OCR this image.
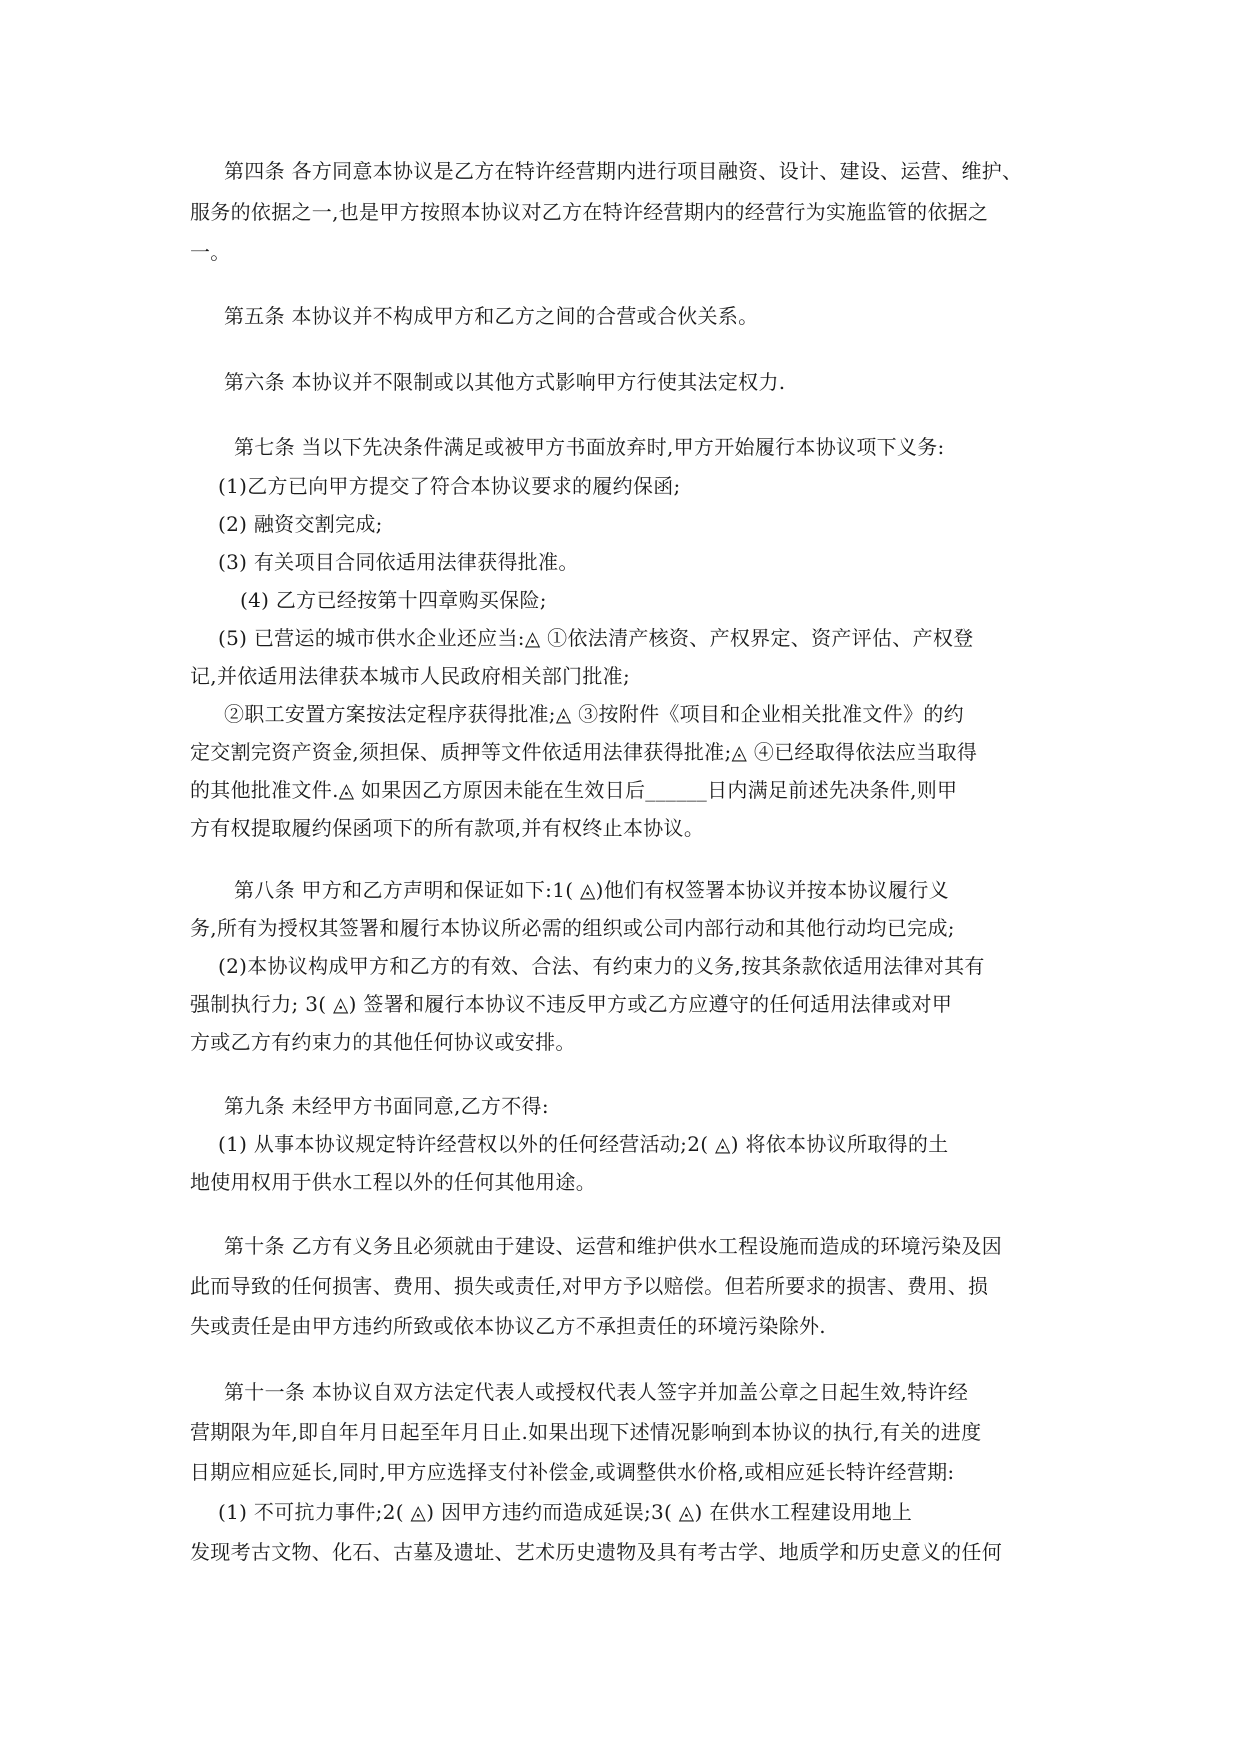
第四条 各方同意本协议是乙方在特许经营期内进行项目融资、设计、建设、运营、维护、
服务的依据之一,也是甲方按照本协议对乙方在特许经营期内的经营行为实施监管的依据之
一。
第五条 本协议并不构成甲方和乙方之间的合营或合伙关系。
第六条 本协议并不限制或以其他方式影响甲方行使其法定权力.
第七条 当以下先决条件满足或被甲方书面放弃时,甲方开始履行本协议项下义务:
(1)乙方已向甲方提交了符合本协议要求的履约保函;
(2) 融资交割完成;
(3) 有关项目合同依适用法律获得批准。
(4) 乙方已经按第十四章购买保险;
(5) 已营运的城市供水企业还应当:◬ ①依法清产核资、产权界定、资产评估、产权登
记,并依适用法律获本城市人民政府相关部门批准;
②职工安置方案按法定程序获得批准;◬ ③按附件《项目和企业相关批准文件》的约
定交割完资产资金,须担保、质押等文件依适用法律获得批准;◬ ④已经取得依法应当取得
的其他批准文件.◬ 如果因乙方原因未能在生效日后______日内满足前述先决条件,则甲
方有权提取履约保函项下的所有款项,并有权终止本协议。
第八条 甲方和乙方声明和保证如下:1( ◬)他们有权签署本协议并按本协议履行义
务,所有为授权其签署和履行本协议所必需的组织或公司内部行动和其他行动均已完成;
(2)本协议构成甲方和乙方的有效、合法、有约束力的义务,按其条款依适用法律对其有
强制执行力; 3( ◬) 签署和履行本协议不违反甲方或乙方应遵守的任何适用法律或对甲
方或乙方有约束力的其他任何协议或安排。
第九条 未经甲方书面同意,乙方不得:
(1) 从事本协议规定特许经营权以外的任何经营活动;2( ◬) 将依本协议所取得的土
地使用权用于供水工程以外的任何其他用途。
第十条 乙方有义务且必须就由于建设、运营和维护供水工程设施而造成的环境污染及因
此而导致的任何损害、费用、损失或责任,对甲方予以赔偿。但若所要求的损害、费用、损
失或责任是由甲方违约所致或依本协议乙方不承担责任的环境污染除外.
第十一条 本协议自双方法定代表人或授权代表人签字并加盖公章之日起生效,特许经
营期限为年,即自年月日起至年月日止.如果出现下述情况影响到本协议的执行,有关的进度
日期应相应延长,同时,甲方应选择支付补偿金,或调整供水价格,或相应延长特许经营期:
(1) 不可抗力事件;2( ◬) 因甲方违约而造成延误;3( ◬) 在供水工程建设用地上
发现考古文物、化石、古墓及遗址、艺术历史遗物及具有考古学、地质学和历史意义的任何
